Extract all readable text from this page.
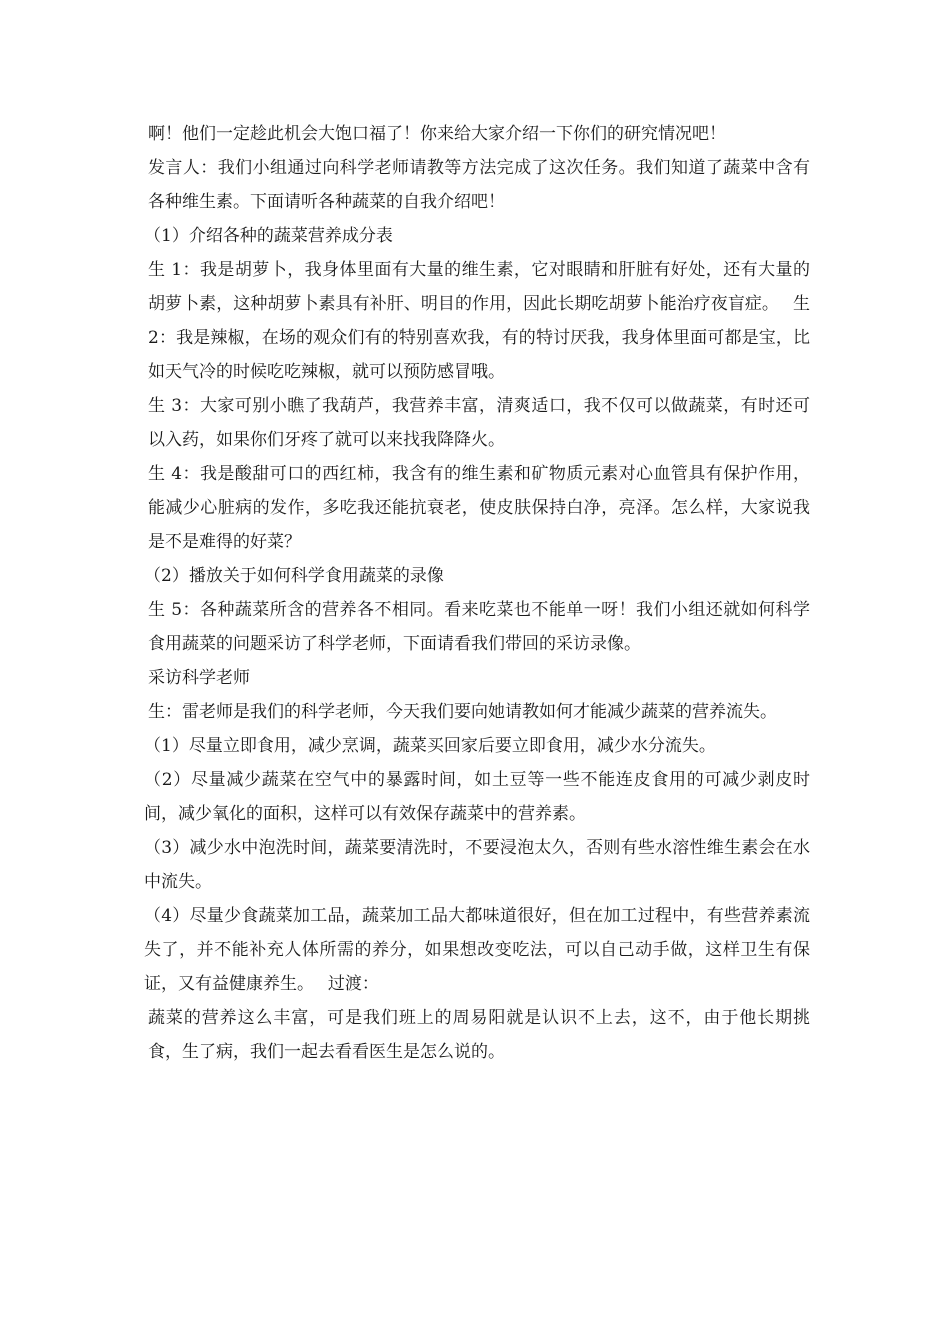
啊！他们一定趁此机会大饱口福了！你来给大家介绍一下你们的研究情况吧！

发言人：我们小组通过向科学老师请教等方法完成了这次任务。我们知道了蔬菜中含有各种维生素。下面请听各种蔬菜的自我介绍吧！

（1）介绍各种的蔬菜营养成分表

生 1：我是胡萝卜，我身体里面有大量的维生素，它对眼睛和肝脏有好处，还有大量的胡萝卜素，这种胡萝卜素具有补肝、明目的作用，因此长期吃胡萝卜能治疗夜盲症。　 生 2：我是辣椒，在场的观众们有的特别喜欢我，有的特讨厌我，我身体里面可都是宝，比如天气冷的时候吃吃辣椒，就可以预防感冒哦。

生 3：大家可别小瞧了我葫芦，我营养丰富，清爽适口，我不仅可以做蔬菜，有时还可以入药，如果你们牙疼了就可以来找我降降火。

生 4：我是酸甜可口的西红柿，我含有的维生素和矿物质元素对心血管具有保护作用，能减少心脏病的发作，多吃我还能抗衰老，使皮肤保持白净，亮泽。怎么样，大家说我是不是难得的好菜？

（2）播放关于如何科学食用蔬菜的录像

生 5：各种蔬菜所含的营养各不相同。看来吃菜也不能单一呀！我们小组还就如何科学食用蔬菜的问题采访了科学老师，下面请看我们带回的采访录像。

采访科学老师

生：雷老师是我们的科学老师，今天我们要向她请教如何才能减少蔬菜的营养流失。

（1）尽量立即食用，减少烹调，蔬菜买回家后要立即食用，减少水分流失。

（2）尽量减少蔬菜在空气中的暴露时间，如土豆等一些不能连皮食用的可减少剥皮时间，减少氧化的面积，这样可以有效保存蔬菜中的营养素。

（3）减少水中泡洗时间，蔬菜要清洗时，不要浸泡太久，否则有些水溶性维生素会在水中流失。

（4）尽量少食蔬菜加工品，蔬菜加工品大都味道很好，但在加工过程中，有些营养素流失了，并不能补充人体所需的养分，如果想改变吃法，可以自己动手做，这样卫生有保证，又有益健康养生。　 过渡：

蔬菜的营养这么丰富，可是我们班上的周易阳就是认识不上去，这不，由于他长期挑食，生了病，我们一起去看看医生是怎么说的。
